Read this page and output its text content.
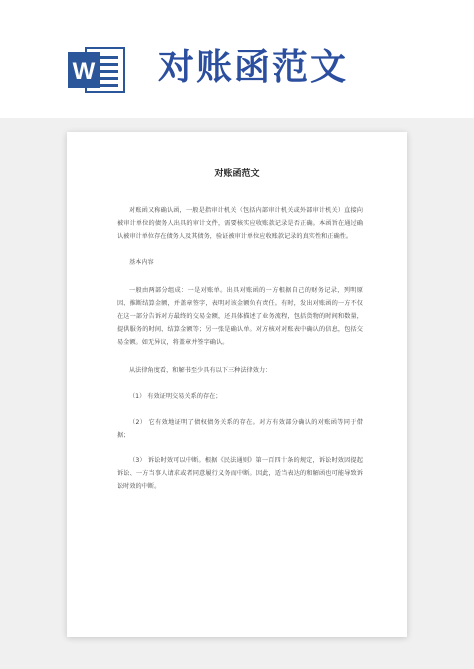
W 对账函范文
对账函范文
对账函又称确认函，一般是指审计机关（包括内部审计机关或外部审计机关）直接向被审计单位的债务人出具的审计文件，需要核实应收账款记录是否正确。本函旨在通过确认被审计单位存在债务人及其债务，验证被审计单位应收账款记录的真实性和正确性。
基本内容
一般由两部分组成：一是对账单。出具对账函的一方根据自己的财务记录，列明原因、推断结算金额，并盖章签字，表明对该金额负有责任。有时，发出对账函的一方不仅在这一部分告诉对方最终的交易金额，还具体描述了业务流程，包括货物的时间和数量，提供服务的时间、结算金额等；另一张是确认单。对方核对对账表中确认的信息，包括交易金额。如无异议，将盖章并签字确认。
从法律角度看，和解书至少具有以下三种法律效力：
（1） 有效证明交易关系的存在；
（2） 它有效地证明了债权债务关系的存在。对方有效部分确认的对账函等同于借据；
（3） 诉讼时效可以中断。根据《民法通则》第一百四十条的规定，诉讼时效因提起诉讼、一方当事人请求或者同意履行义务而中断。因此，适当表达的和解函也可能导致诉讼时效的中断。
